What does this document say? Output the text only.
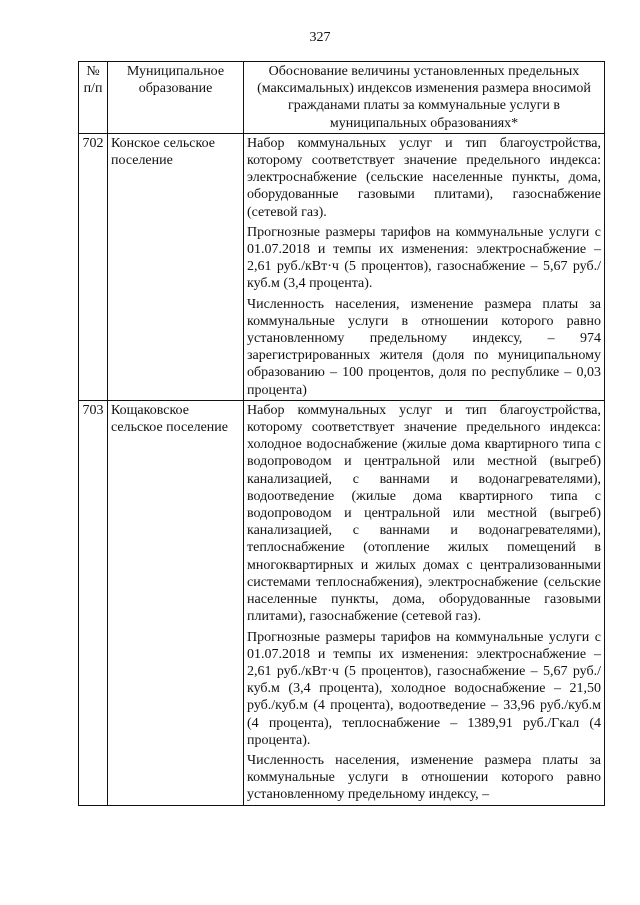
327
№ п/п	Муниципальное образование	Обоснование величины установленных предельных (максимальных) индексов изменения размера вносимой гражданами платы за коммунальные услуги в муниципальных образованиях*
702	Конское сельское поселение	Набор коммунальных услуг и тип благоустройства, которому соответствует значение предельного индекса: электроснабжение (сельские населенные пункты, дома, оборудованные газовыми плитами), газоснабжение (сетевой газ).
Прогнозные размеры тарифов на коммунальные услуги с 01.07.2018 и темпы их изменения: электроснабжение – 2,61 руб./кВт·ч (5 процентов), газоснабжение – 5,67 руб./куб.м (3,4 процента).
Численность населения, изменение размера платы за коммунальные услуги в отношении которого равно установленному предельному индексу, – 974 зарегистрированных жителя (доля по муниципальному образованию – 100 процентов, доля по республике – 0,03 процента)

703	Кощаковское сельское поселение	Набор коммунальных услуг и тип благоустройства, которому соответствует значение предельного индекса: холодное водоснабжение (жилые дома квартирного типа с водопроводом и центральной или местной (выгреб) канализацией, с ваннами и водонагревателями), водоотведение (жилые дома квартирного типа с водопроводом и центральной или местной (выгреб) канализацией, с ваннами и водонагревателями), теплоснабжение (отопление жилых помещений в многоквартирных и жилых домах с централизованными системами теплоснабжения), электроснабжение (сельские населенные пункты, дома, оборудованные газовыми плитами), газоснабжение (сетевой газ).
Прогнозные размеры тарифов на коммунальные услуги с 01.07.2018 и темпы их изменения: электроснабжение – 2,61 руб./кВт·ч (5 процентов), газоснабжение – 5,67 руб./куб.м (3,4 процента), холодное водоснабжение – 21,50 руб./куб.м (4 процента), водоотведение – 33,96 руб./куб.м (4 процента), теплоснабжение – 1389,91 руб./Гкал (4 процента).
Численность населения, изменение размера платы за коммунальные услуги в отношении которого равно установленному предельному индексу, –
